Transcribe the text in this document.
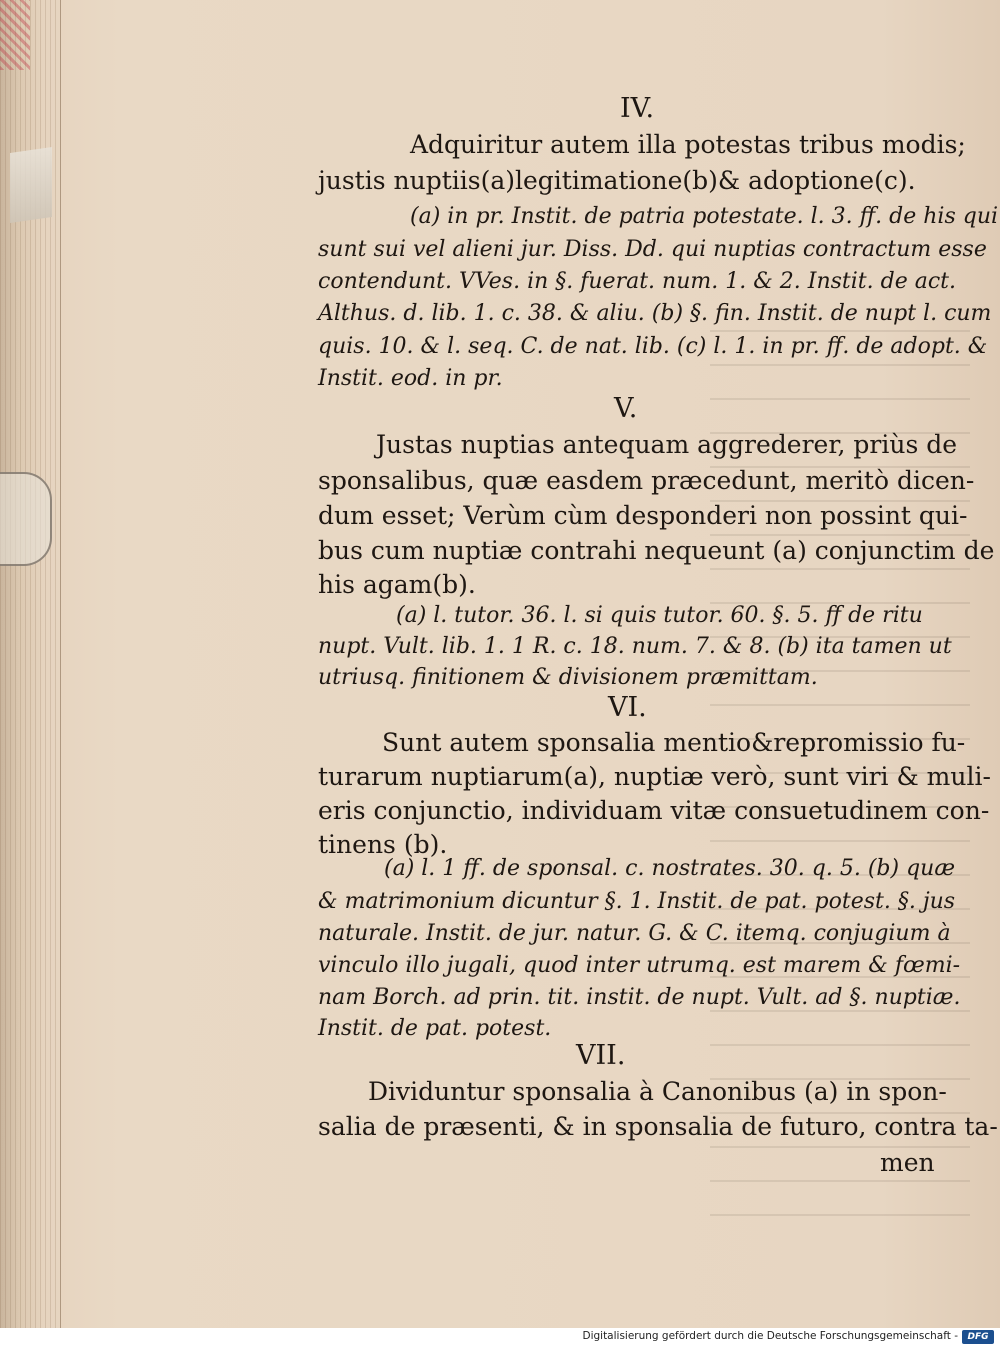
IV.
Adquiritur autem illa potestas tribus modis;
justis nuptiis(a)legitimatione(b)& adoptione(c).
(a) in pr. Instit. de patria potestate. l. 3. ff. de his qui
sunt sui vel alieni jur. Diss. Dd. qui nuptias contractum esse
contendunt. VVes. in §. fuerat. num. 1. & 2. Instit. de act.
Althus. d. lib. 1. c. 38. & aliu. (b) §. fin. Instit. de nupt l. cum
quis. 10. & l. seq. C. de nat. lib. (c) l. 1. in pr. ff. de adopt. &
Instit. eod. in pr.
V.
Justas nuptias antequam aggrederer, priùs de
sponsalibus, quæ easdem præcedunt, meritò dicen-
dum esset; Verùm cùm desponderi non possint qui-
bus cum nuptiæ contrahi nequeunt (a) conjunctim de
his agam(b).
(a) l. tutor. 36. l. si quis tutor. 60. §. 5. ff de ritu
nupt. Vult. lib. 1. 1 R. c. 18. num. 7. & 8. (b) ita tamen ut
utriusq. finitionem & divisionem præmittam.
VI.
Sunt autem sponsalia mentio&repromissio fu-
turarum nuptiarum(a), nuptiæ verò, sunt viri & muli-
eris conjunctio, individuam vitæ consuetudinem con-
tinens (b).
(a) l. 1 ff. de sponsal. c. nostrates. 30. q. 5. (b) quæ
& matrimonium dicuntur §. 1. Instit. de pat. potest. §. jus
naturale. Instit. de jur. natur. G. & C. itemq. conjugium à
vinculo illo jugali, quod inter utrumq. est marem & fœmi-
nam Borch. ad prin. tit. instit. de nupt. Vult. ad §. nuptiæ.
Instit. de pat. potest.
VII.
Dividuntur sponsalia à Canonibus (a) in spon-
salia de præsenti, & in sponsalia de futuro, contra ta-
men
Digitalisierung gefördert durch die Deutsche Forschungsgemeinschaft -	DFG
